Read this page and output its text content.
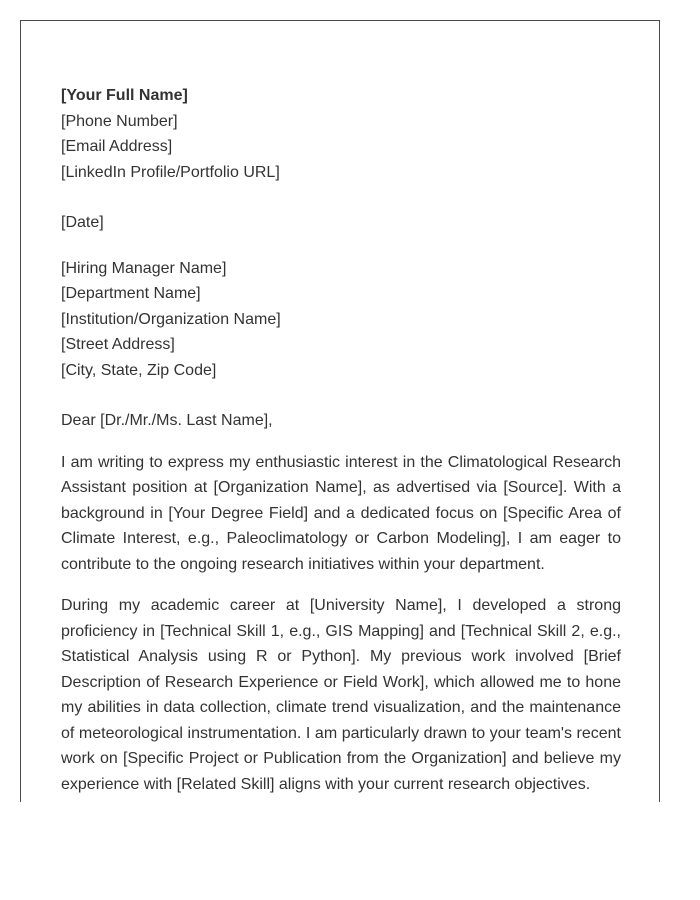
[Your Full Name]
[Phone Number]
[Email Address]
[LinkedIn Profile/Portfolio URL]
[Date]
[Hiring Manager Name]
[Department Name]
[Institution/Organization Name]
[Street Address]
[City, State, Zip Code]
Dear [Dr./Mr./Ms. Last Name],

I am writing to express my enthusiastic interest in the Climatological Research Assistant position at [Organization Name], as advertised via [Source]. With a background in [Your Degree Field] and a dedicated focus on [Specific Area of Climate Interest, e.g., Paleoclimatology or Carbon Modeling], I am eager to contribute to the ongoing research initiatives within your department.

During my academic career at [University Name], I developed a strong proficiency in [Technical Skill 1, e.g., GIS Mapping] and [Technical Skill 2, e.g., Statistical Analysis using R or Python]. My previous work involved [Brief Description of Research Experience or Field Work], which allowed me to hone my abilities in data collection, climate trend visualization, and the maintenance of meteorological instrumentation. I am particularly drawn to your team's recent work on [Specific Project or Publication from the Organization] and believe my experience with [Related Skill] aligns with your current research objectives.
